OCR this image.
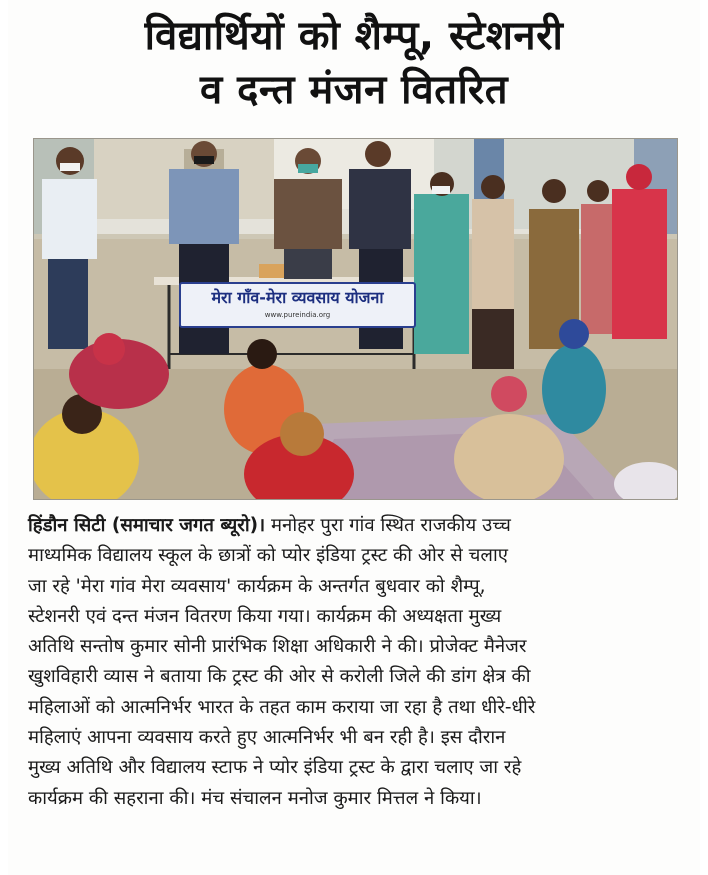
विद्यार्थियों को शैम्पू, स्टेशनरी
व दन्त मंजन वितरित
मेरा गाँव-मेरा व्यवसाय योजना
www.pureindia.org
हिंडौन सिटी (समाचार जगत ब्यूरो)। मनोहर पुरा गांव स्थित राजकीय उच्च
माध्यमिक विद्यालय स्कूल के छात्रों को प्योर इंडिया ट्रस्ट की ओर से चलाए
जा रहे 'मेरा गांव मेरा व्यवसाय' कार्यक्रम के अन्तर्गत बुधवार को शैम्पू,
स्टेशनरी एवं दन्त मंजन वितरण किया गया। कार्यक्रम की अध्यक्षता मुख्य
अतिथि सन्तोष कुमार सोनी प्रारंभिक शिक्षा अधिकारी ने की। प्रोजेक्ट मैनेजर
खुशविहारी व्यास ने बताया कि ट्रस्ट की ओर से करोली जिले की डांग क्षेत्र की
महिलाओं को आत्मनिर्भर भारत के तहत काम कराया जा रहा है तथा धीरे-धीरे
महिलाएं आपना व्यवसाय करते हुए आत्मनिर्भर भी बन रही है। इस दौरान
मुख्य अतिथि और विद्यालय स्टाफ ने प्योर इंडिया ट्रस्ट के द्वारा चलाए जा रहे
कार्यक्रम की सहराना की। मंच संचालन मनोज कुमार मित्तल ने किया।
